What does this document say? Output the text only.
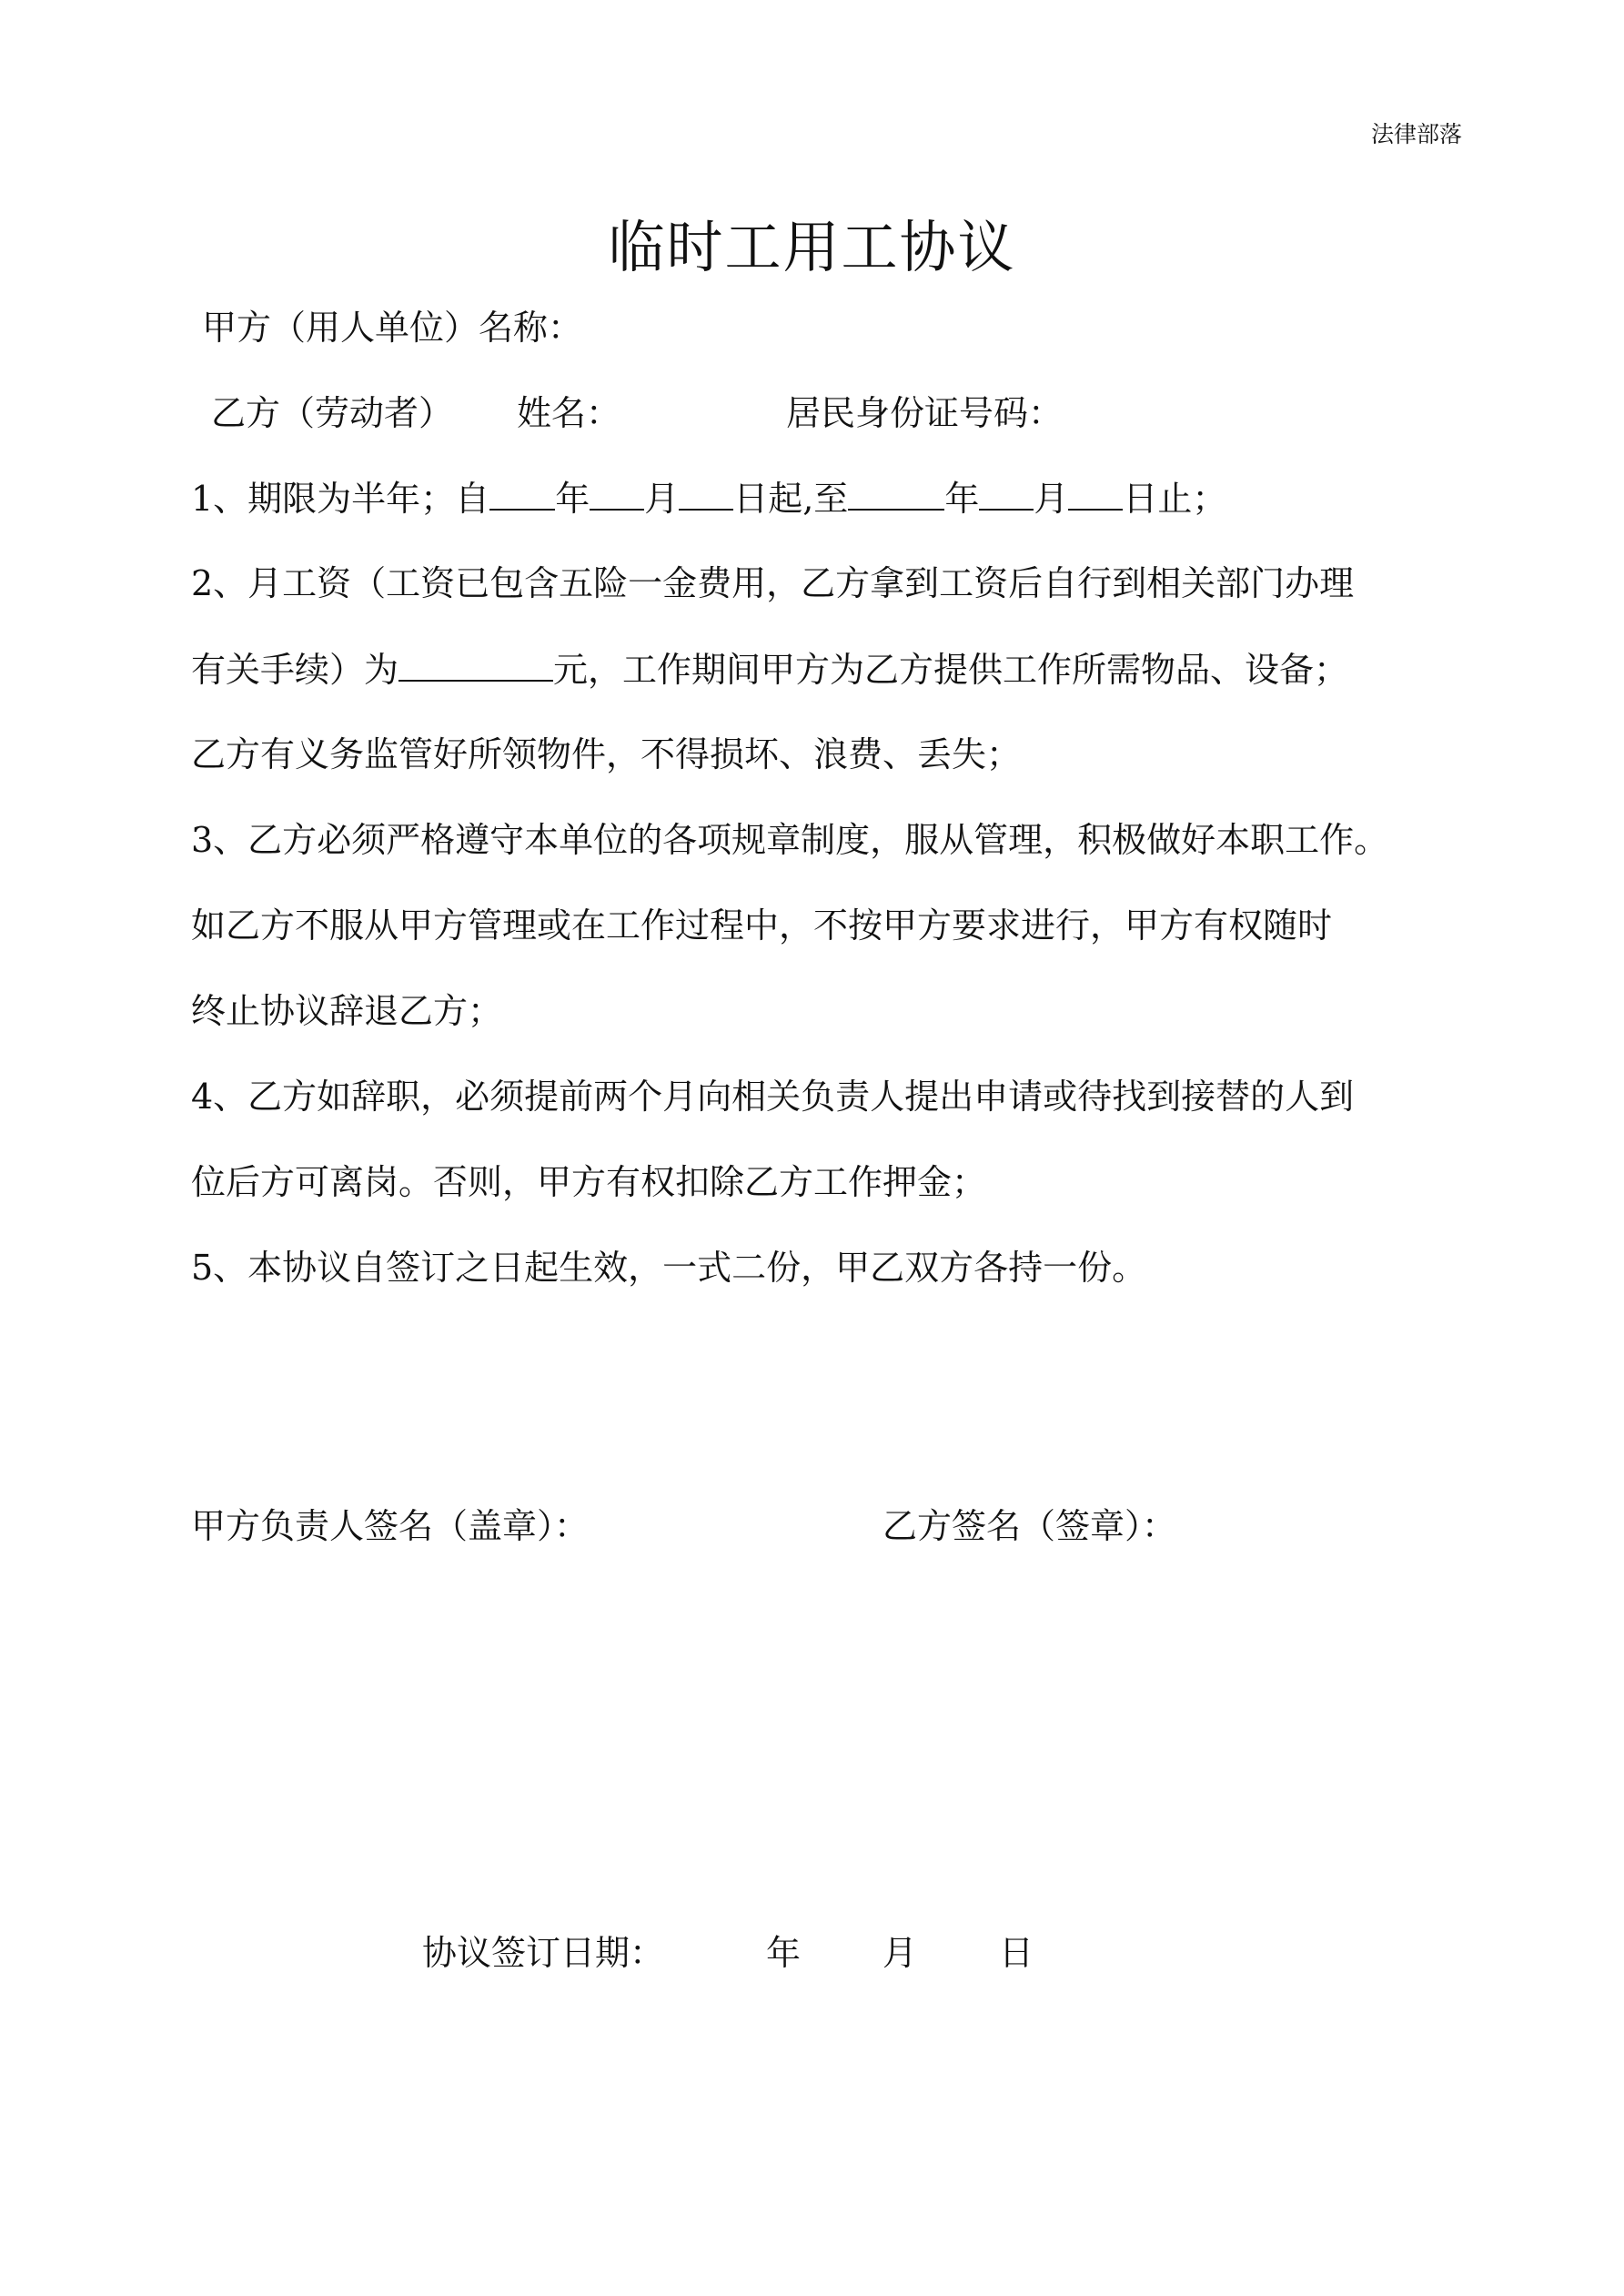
法律部落
临时工用工协议
甲方（用人单位）名称：
乙方（劳动者） 姓名：	居民身份证号码：
1、期限为半年；自 年 月 日起,至	年 月 日止；
2、月工资（工资已包含五险一金费用，乙方拿到工资后自行到相关部门办理
有关手续）为	元，工作期间甲方为乙方提供工作所需物品、设备；
乙方有义务监管好所领物件，不得损坏、浪费、丢失；
3、乙方必须严格遵守本单位的各项规章制度，服从管理，积极做好本职工作。
如乙方不服从甲方管理或在工作过程中，不按甲方要求进行，甲方有权随时
终止协议辞退乙方；
4、乙方如辞职，必须提前两个月向相关负责人提出申请或待找到接替的人到
位后方可离岗。否则，甲方有权扣除乙方工作押金；
5、本协议自签订之日起生效，一式二份，甲乙双方各持一份。
甲方负责人签名（盖章）：	乙方签名（签章）：
协议签订日期：	年 月 日
